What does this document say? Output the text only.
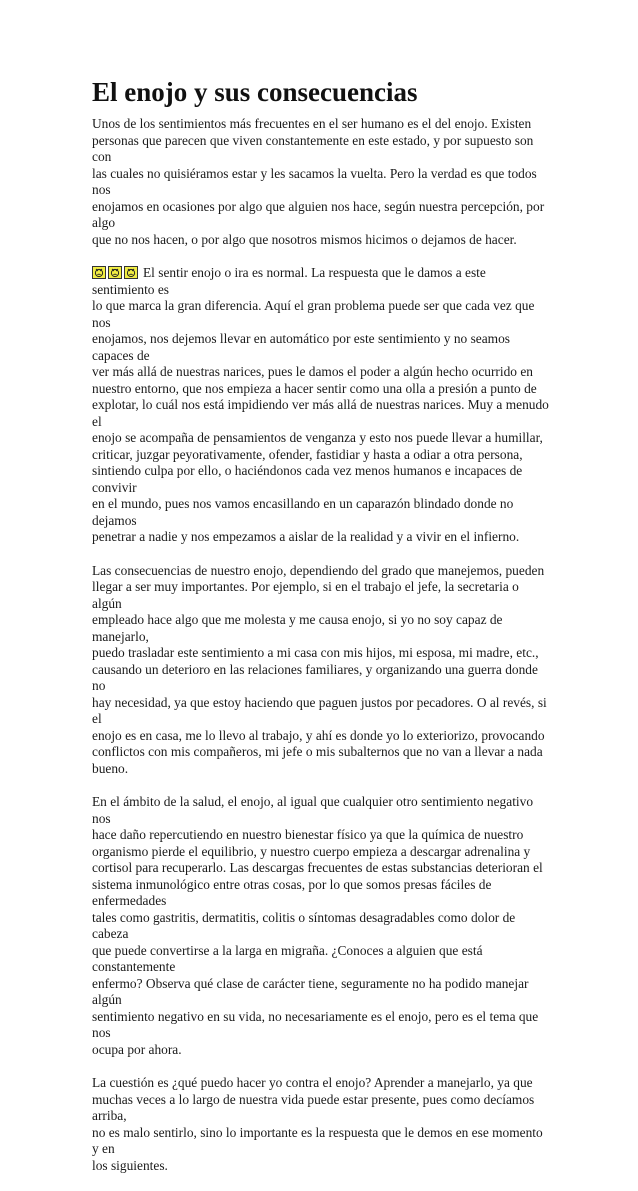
El enojo y sus consecuencias

Unos de los sentimientos más frecuentes en el ser humano es el del enojo. Existen
personas que parecen que viven constantemente en este estado, y por supuesto son con
las cuales no quisiéramos estar y les sacamos la vuelta. Pero la verdad es que todos nos
enojamos en ocasiones por algo que alguien nos hace, según nuestra percepción, por algo
que no nos hacen, o por algo que nosotros mismos hicimos o dejamos de hacer.

El sentir enojo o ira es normal. La respuesta que le damos a este sentimiento es
lo que marca la gran diferencia. Aquí el gran problema puede ser que cada vez que nos
enojamos, nos dejemos llevar en automático por este sentimiento y no seamos capaces de
ver más allá de nuestras narices, pues le damos el poder a algún hecho ocurrido en
nuestro entorno, que nos empieza a hacer sentir como una olla a presión a punto de
explotar, lo cuál nos está impidiendo ver más allá de nuestras narices. Muy a menudo el
enojo se acompaña de pensamientos de venganza y esto nos puede llevar a humillar,
criticar, juzgar peyorativamente, ofender, fastidiar y hasta a odiar a otra persona,
sintiendo culpa por ello, o haciéndonos cada vez menos humanos e incapaces de convivir
en el mundo, pues nos vamos encasillando en un caparazón blindado donde no dejamos
penetrar a nadie y nos empezamos a aislar de la realidad y a vivir en el infierno.

Las consecuencias de nuestro enojo, dependiendo del grado que manejemos, pueden
llegar a ser muy importantes. Por ejemplo, si en el trabajo el jefe, la secretaria o algún
empleado hace algo que me molesta y me causa enojo, si yo no soy capaz de manejarlo,
puedo trasladar este sentimiento a mi casa con mis hijos, mi esposa, mi madre, etc.,
causando un deterioro en las relaciones familiares, y organizando una guerra donde no
hay necesidad, ya que estoy haciendo que paguen justos por pecadores. O al revés, si el
enojo es en casa, me lo llevo al trabajo, y ahí es donde yo lo exteriorizo, provocando
conflictos con mis compañeros, mi jefe o mis subalternos que no van a llevar a nada
bueno.

En el ámbito de la salud, el enojo, al igual que cualquier otro sentimiento negativo nos
hace daño repercutiendo en nuestro bienestar físico ya que la química de nuestro
organismo pierde el equilibrio, y nuestro cuerpo empieza a descargar adrenalina y
cortisol para recuperarlo. Las descargas frecuentes de estas substancias deterioran el
sistema inmunológico entre otras cosas, por lo que somos presas fáciles de enfermedades
tales como gastritis, dermatitis, colitis o síntomas desagradables como dolor de cabeza
que puede convertirse a la larga en migraña. ¿Conoces a alguien que está constantemente
enfermo? Observa qué clase de carácter tiene, seguramente no ha podido manejar algún
sentimiento negativo en su vida, no necesariamente es el enojo, pero es el tema que nos
ocupa por ahora.

La cuestión es ¿qué puedo hacer yo contra el enojo? Aprender a manejarlo, ya que
muchas veces a lo largo de nuestra vida puede estar presente, pues como decíamos arriba,
no es malo sentirlo, sino lo importante es la respuesta que le demos en ese momento y en
los siguientes.
